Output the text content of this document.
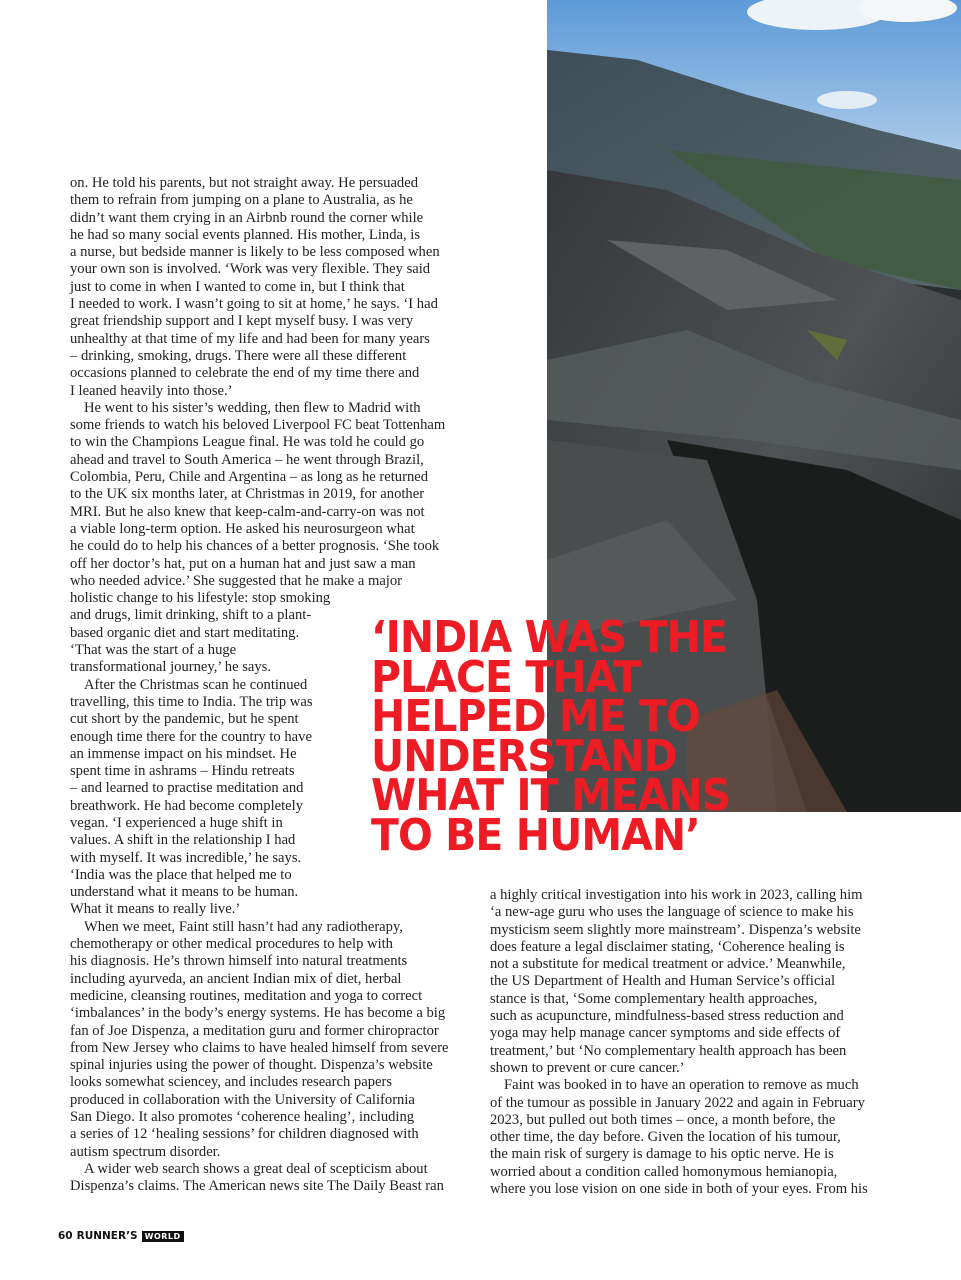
on. He told his parents, but not straight away. He persuaded
them to refrain from jumping on a plane to Australia, as he
didn’t want them crying in an Airbnb round the corner while
he had so many social events planned. His mother, Linda, is
a nurse, but bedside manner is likely to be less composed when
your own son is involved. ‘Work was very flexible. They said
just to come in when I wanted to come in, but I think that
I needed to work. I wasn’t going to sit at home,’ he says. ‘I had
great friendship support and I kept myself busy. I was very
unhealthy at that time of my life and had been for many years
– drinking, smoking, drugs. There were all these different
occasions planned to celebrate the end of my time there and
I leaned heavily into those.’
He went to his sister’s wedding, then flew to Madrid with
some friends to watch his beloved Liverpool FC beat Tottenham
to win the Champions League final. He was told he could go
ahead and travel to South America – he went through Brazil,
Colombia, Peru, Chile and Argentina – as long as he returned
to the UK six months later, at Christmas in 2019, for another
MRI. But he also knew that keep-calm-and-carry-on was not
a viable long-term option. He asked his neurosurgeon what
he could do to help his chances of a better prognosis. ‘She took
off her doctor’s hat, put on a human hat and just saw a man
who needed advice.’ She suggested that he make a major
holistic change to his lifestyle: stop smoking
and drugs, limit drinking, shift to a plant-
based organic diet and start meditating.
‘That was the start of a huge
transformational journey,’ he says.
After the Christmas scan he continued
travelling, this time to India. The trip was
cut short by the pandemic, but he spent
enough time there for the country to have
an immense impact on his mindset. He
spent time in ashrams – Hindu retreats
– and learned to practise meditation and
breathwork. He had become completely
vegan. ‘I experienced a huge shift in
values. A shift in the relationship I had
with myself. It was incredible,’ he says.
‘India was the place that helped me to
understand what it means to be human.
What it means to really live.’
When we meet, Faint still hasn’t had any radiotherapy,
chemotherapy or other medical procedures to help with
his diagnosis. He’s thrown himself into natural treatments
including ayurveda, an ancient Indian mix of diet, herbal
medicine, cleansing routines, meditation and yoga to correct
‘imbalances’ in the body’s energy systems. He has become a big
fan of Joe Dispenza, a meditation guru and former chiropractor
from New Jersey who claims to have healed himself from severe
spinal injuries using the power of thought. Dispenza’s website
looks somewhat sciencey, and includes research papers
produced in collaboration with the University of California
San Diego. It also promotes ‘coherence healing’, including
a series of 12 ‘healing sessions’ for children diagnosed with
autism spectrum disorder.
A wider web search shows a great deal of scepticism about
Dispenza’s claims. The American news site The Daily Beast ran
a highly critical investigation into his work in 2023, calling him
‘a new-age guru who uses the language of science to make his
mysticism seem slightly more mainstream’. Dispenza’s website
does feature a legal disclaimer stating, ‘Coherence healing is
not a substitute for medical treatment or advice.’ Meanwhile,
the US Department of Health and Human Service’s official
stance is that, ‘Some complementary health approaches,
such as acupuncture, mindfulness-based stress reduction and
yoga may help manage cancer symptoms and side effects of
treatment,’ but ‘No complementary health approach has been
shown to prevent or cure cancer.’
Faint was booked in to have an operation to remove as much
of the tumour as possible in January 2022 and again in February
2023, but pulled out both times – once, a month before, the
other time, the day before. Given the location of his tumour,
the main risk of surgery is damage to his optic nerve. He is
worried about a condition called homonymous hemianopia,
where you lose vision on one side in both of your eyes. From his
‘INDIA WAS THE
PLACE THAT
HELPED ME TO
UNDERSTAND
WHAT IT MEANS
TO BE HUMAN’
60 RUNNER’S WORLD
